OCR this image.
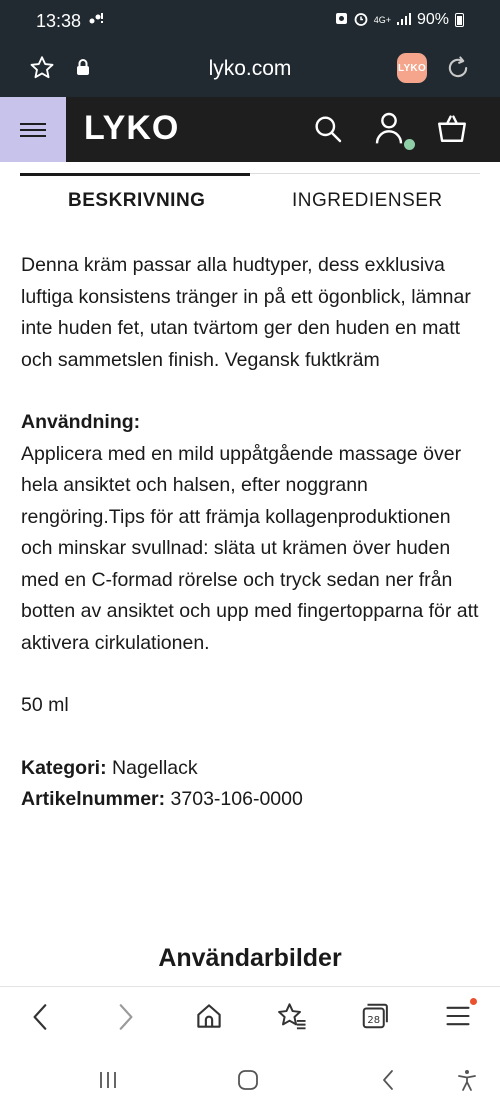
13:38	4G+ 90%
lyko.com	LYKO
LYKO
BESKRIVNING	INGREDIENSER

Denna kräm passar alla hudtyper, dess exklusiva luftiga konsistens tränger in på ett ögonblick, lämnar inte huden fet, utan tvärtom ger den huden en matt och sammetslen finish. Vegansk fuktkräm

Användning:

Applicera med en mild uppåtgående massage över hela ansiktet och halsen, efter noggrann rengöring.Tips för att främja kollagenproduktionen och minskar svullnad: släta ut krämen över huden med en C-formad rörelse och tryck sedan ner från botten av ansiktet och upp med fingertopparna för att aktivera cirkulationen.

50 ml

Kategori: Nagellack

Artikelnummer: 3703-106-0000

Användarbilder
28
